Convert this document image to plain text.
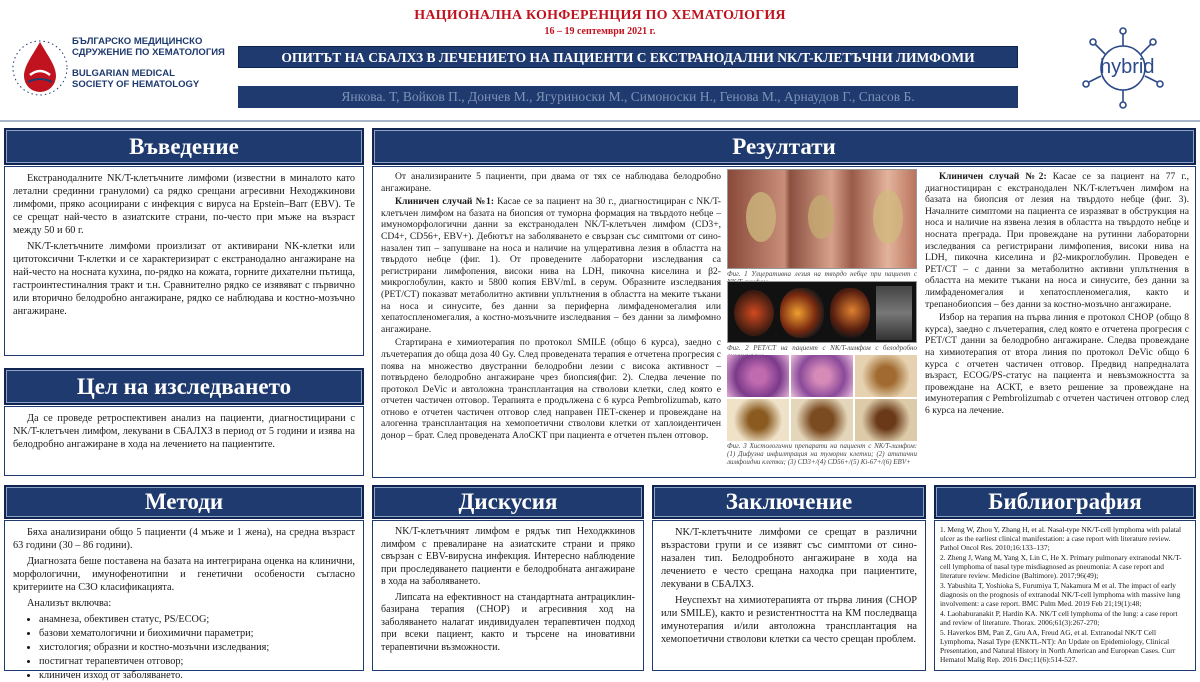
БЪЛГАРСКО МЕДИЦИНСКО
СДРУЖЕНИЕ ПО ХЕМАТОЛОГИЯ
BULGARIAN MEDICAL
SOCIETY OF HEMATOLOGY
НАЦИОНАЛНА КОНФЕРЕНЦИЯ ПО ХЕМАТОЛОГИЯ
16 – 19 септември 2021 г.
ОПИТЪТ НА СБАЛХЗ В ЛЕЧЕНИЕТО НА ПАЦИЕНТИ С ЕКСТРАНОДАЛНИ NK/T-КЛЕТЪЧНИ ЛИМФОМИ
Янкова. Т, Войков П., Дончев М., Ягуриноски М., Симоноски Н., Генова М., Арнаудов Г., Спасов Б.
hybrid
Въведение

Екстранодалните NK/T-клетъчните лимфоми (известни в миналото като летални срединни грануломи) са рядко срещани агресивни Неходжкинови лимфоми, пряко асоциирани с инфекция с вируса на Epstein–Barr (EBV). Те се срещат най-често в азиатските страни, по-често при мъже на възраст между 50 и 60 г.

NK/T-клетъчните лимфоми произлизат от активирани NK-клетки или цитотоксични T-клетки и се характеризират с екстранодално ангажиране на най-често на носната кухина, по-рядко на кожата, горните дихателни пътища, гастроинтестиналния тракт и т.н. Сравнително рядко се изявяват с първично или вторично белодробно ангажиране, рядко се наблюдава и костно-мозъчно ангажиране.

Цел на изследването

Да се проведе ретроспективен анализ на пациенти, диагностицирани с NK/T-клетъчен лимфом, лекувани в СБАЛХЗ в период от 5 години и изява на белодробно ангажиране в хода на лечението на пациентите.

Резултати

От анализираните 5 пациенти, при двама от тях се наблюдава белодробно ангажиране.

Клиничен случай №1: Касае се за пациент на 30 г., диагностициран с NK/T-клетъчен лимфом на базата на биопсия от туморна формация на твърдото небце – имуноморфологични данни за екстранодален NK/T-клетъчен лимфом (CD3+, CD4+, CD56+, EBV+). Дебютът на заболяването е свързан със симптоми от сино-назален тип – запушване на носа и наличие на улцеративна лезия в областта на твърдото небце (фиг. 1). От проведените лабораторни изследвания са регистрирани лимфопения, високи нива на LDH, пикочна киселина и β2-микроглобулин, както и 5800 копия EBV/mL в серум. Образните изследвания (PET/CT) показват метаболитно активни уплътнения в областта на меките тъкани на носа и синусите, без данни за периферна лимфаденомегалия или хепатоспленомегалия, а костно-мозъчните изследвания – без данни за лимфомно ангажиране.

Стартирана е химиотерапия по протокол SMILE (общо 6 курса), заедно с лъчетерапия до обща доза 40 Gy. След проведената терапия е отчетена прогресия с поява на множество двустранни белодробни лезии с висока активност – потвърдено белодробно ангажиране чрез биопсия(фиг. 2). Следва лечение по протокол DeVic и автоложна трансплантация на стволови клетки, след която е отчетен частичен отговор. Терапията е продължена с 6 курса Pembrolizumab, като отново е отчетен частичен отговор след направен ПЕТ-скенер и провеждане на алогенна трансплантация на хемопоетични стволови клетки от хаплоидентичен донор – брат. След проведената АлоСКТ при пациента е отчетен пълен отговор.

Фиг. 1 Улцеративна лезия на твърдо небце при пациент с
Фиг. 2 PET/CT на пациент с NK/T-лимфом с белодробно
Фиг. 3 Хистологични препарати на пациент с NK/T-лимфом: (1) Дифузна инфилтрация на туморни клетки; (2) атипични лимфоидни клетки; (3) CD3+/(4) CD56+/(5) Ki-67+/(6) EBV+

Клиничен случай №2: Касае се за пациент на 77 г., диагностициран с екстранодален NK/T-клетъчен лимфом на базата на биопсия от лезия на твърдото небце (фиг. 3). Началните симптоми на пациента се изразяват в обструкция на носа и наличие на язвена лезия в областта на твърдото небце и носната преграда. При провеждане на рутинни лабораторни изследвания са регистрирани лимфопения, високи нива на LDH, пикочна киселина и β2-микроглобулин. Проведен е PET/CT – с данни за метаболитно активни уплътнения в областта на меките тъкани на носа и синусите, без данни за лимфаденомегалия и хепатоспленомегалия, както и трепанобиопсия – без данни за костно-мозъчно ангажиране.

Избор на терапия на първа линия е протокол CHOP (общо 8 курса), заедно с лъчетерапия, след която е отчетена прогресия с PET/CT данни за белодробно ангажиране. Следва провеждане на химиотерапия от втора линия по протокол DeVic общо 6 курса с отчетен частичен отговор. Предвид напредналата възраст, ECOG/PS-статус на пациента и невъзможността за провеждане на АСКТ, е взето решение за провеждане на имунотерапия с Pembrolizumab с отчетен частичен отговор след 6 курса на лечение.

Методи

Бяха анализирани общо 5 пациенти (4 мъже и 1 жена), на средна възраст 63 години (30 – 86 години).

Диагнозата беше поставена на базата на интегрирана оценка на клинични, морфологични, имунофенотипни и генетични особености съгласно критериите на СЗО класификацията.

Анализът включва:

• анамнеза, обективен статус, PS/ECOG;
• базови хематологични и биохимични параметри;
• хистология; образни и костно-мозъчни изследвания;
• постигнат терапевтичен отговор;
• клиничен изход от заболяването.
Дискусия

NK/T-клетъчният лимфом е рядък тип Неходжкинов лимфом с превалиране на азиатските страни и пряко свързан с EBV-вирусна инфекция. Интересно наблюдение при проследяването пациенти е белодробната ангажиране в хода на заболяването.

Липсата на ефективност на стандартната антрациклин-базирана терапия (CHOP) и агресивния ход на заболяването налагат индивидуален терапевтичен подход при всеки пациент, както и търсене на иновативни терапевтични възможности.

Заключение

NK/T-клетъчните лимфоми се срещат в различни възрастови групи и се изявят със симптоми от сино-назален тип. Белодробното ангажиране в хода на лечението е често срещана находка при пациентите, лекувани в СБАЛХЗ.

Неуспехът на химиотерапията от първа линия (CHOP или SMILE), както и резистентността на КМ последваща имунотерапия и/или автоложна трансплантация на хемопоетични стволови клетки са често срещан проблем.

Библиография
1. Meng W, Zhou Y, Zhang H, et al. Nasal-type NK/T-cell lymphoma with palatal ulcer as the earliest clinical manifestation: a case report with literature review. Pathol Oncol Res. 2010;16:133–137;
2. Zheng J, Wang M, Yang X, Lin C, He X. Primary pulmonary extranodal NK/T-cell lymphoma of nasal type misdiagnosed as pneumonia: A case report and literature review. Medicine (Baltimore). 2017;96(49);
3. Yabushita T, Yoshioka S, Furumiya T, Nakamura M et al. The impact of early diagnosis on the prognosis of extranodal NK/T-cell lymphoma with massive lung involvement: a case report. BMC Pulm Med. 2019 Feb 21;19(1):48;
4. Laohaburanakit P, Hardin KA. NK/T cell lymphoma of the lung: a case report and review of literature. Thorax. 2006;61(3):267-270;
5. Haverkos BM, Pan Z, Gru AA, Freud AG, et al. Extranodal NK/T Cell Lymphoma, Nasal Type (ENKTL-NT): An Update on Epidemiology, Clinical Presentation, and Natural History in North American and European Cases. Curr Hematol Malig Rep. 2016 Dec;11(6):514-527.
